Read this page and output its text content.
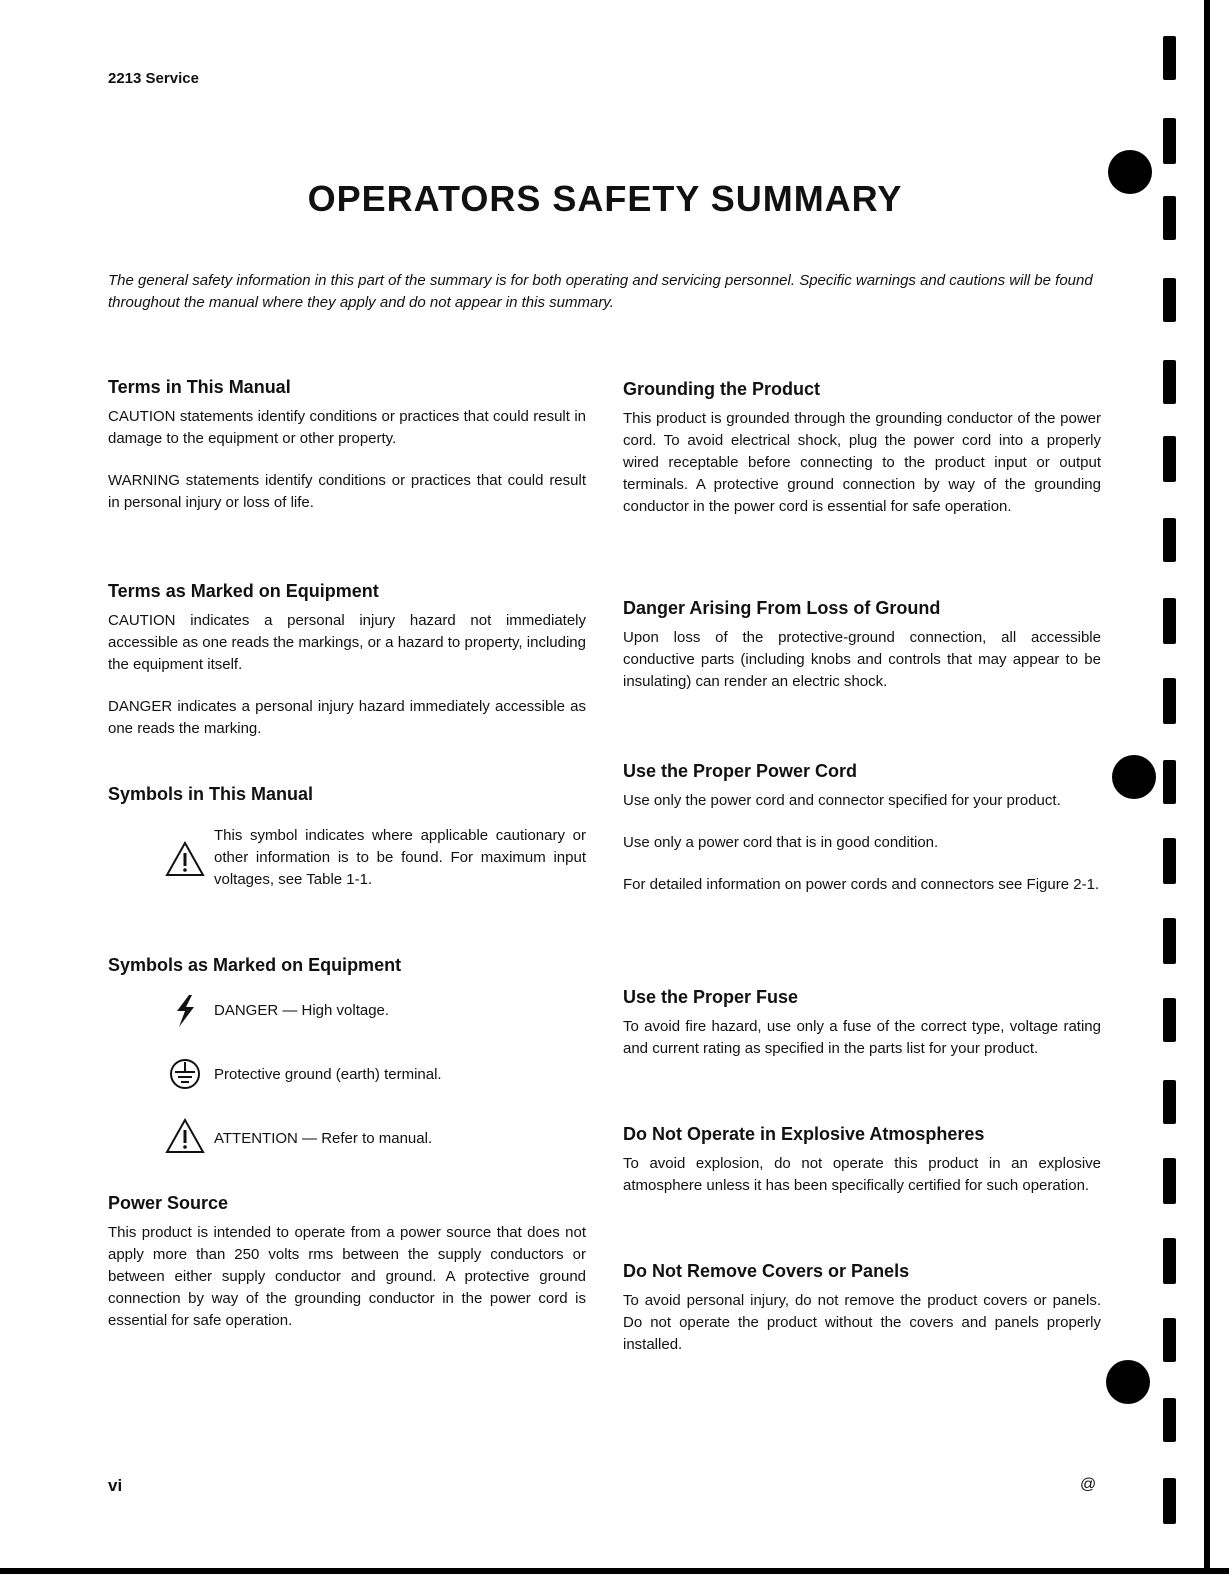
2213 Service
OPERATORS SAFETY SUMMARY
The general safety information in this part of the summary is for both operating and servicing personnel. Specific warnings and cautions will be found throughout the manual where they apply and do not appear in this summary.
Terms in This Manual

CAUTION statements identify conditions or practices that could result in damage to the equipment or other property.

WARNING statements identify conditions or practices that could result in personal injury or loss of life.

Terms as Marked on Equipment

CAUTION indicates a personal injury hazard not immediately accessible as one reads the markings, or a hazard to property, including the equipment itself.

DANGER indicates a personal injury hazard immediately accessible as one reads the marking.

Symbols in This Manual
This symbol indicates where applicable cautionary or other information is to be found. For maximum input voltages, see Table 1-1.
Symbols as Marked on Equipment
DANGER — High voltage.
Protective ground (earth) terminal.
ATTENTION — Refer to manual.
Power Source

This product is intended to operate from a power source that does not apply more than 250 volts rms between the supply conductors or between either supply conductor and ground. A protective ground connection by way of the grounding conductor in the power cord is essential for safe operation.

Grounding the Product

This product is grounded through the grounding conductor of the power cord. To avoid electrical shock, plug the power cord into a properly wired receptable before connecting to the product input or output terminals. A protective ground connection by way of the grounding conductor in the power cord is essential for safe operation.

Danger Arising From Loss of Ground

Upon loss of the protective-ground connection, all accessible conductive parts (including knobs and controls that may appear to be insulating) can render an electric shock.

Use the Proper Power Cord

Use only the power cord and connector specified for your product.

Use only a power cord that is in good condition.

For detailed information on power cords and connectors see Figure 2-1.

Use the Proper Fuse

To avoid fire hazard, use only a fuse of the correct type, voltage rating and current rating as specified in the parts list for your product.

Do Not Operate in Explosive Atmospheres

To avoid explosion, do not operate this product in an explosive atmosphere unless it has been specifically certified for such operation.

Do Not Remove Covers or Panels

To avoid personal injury, do not remove the product covers or panels. Do not operate the product without the covers and panels properly installed.

vi	@
